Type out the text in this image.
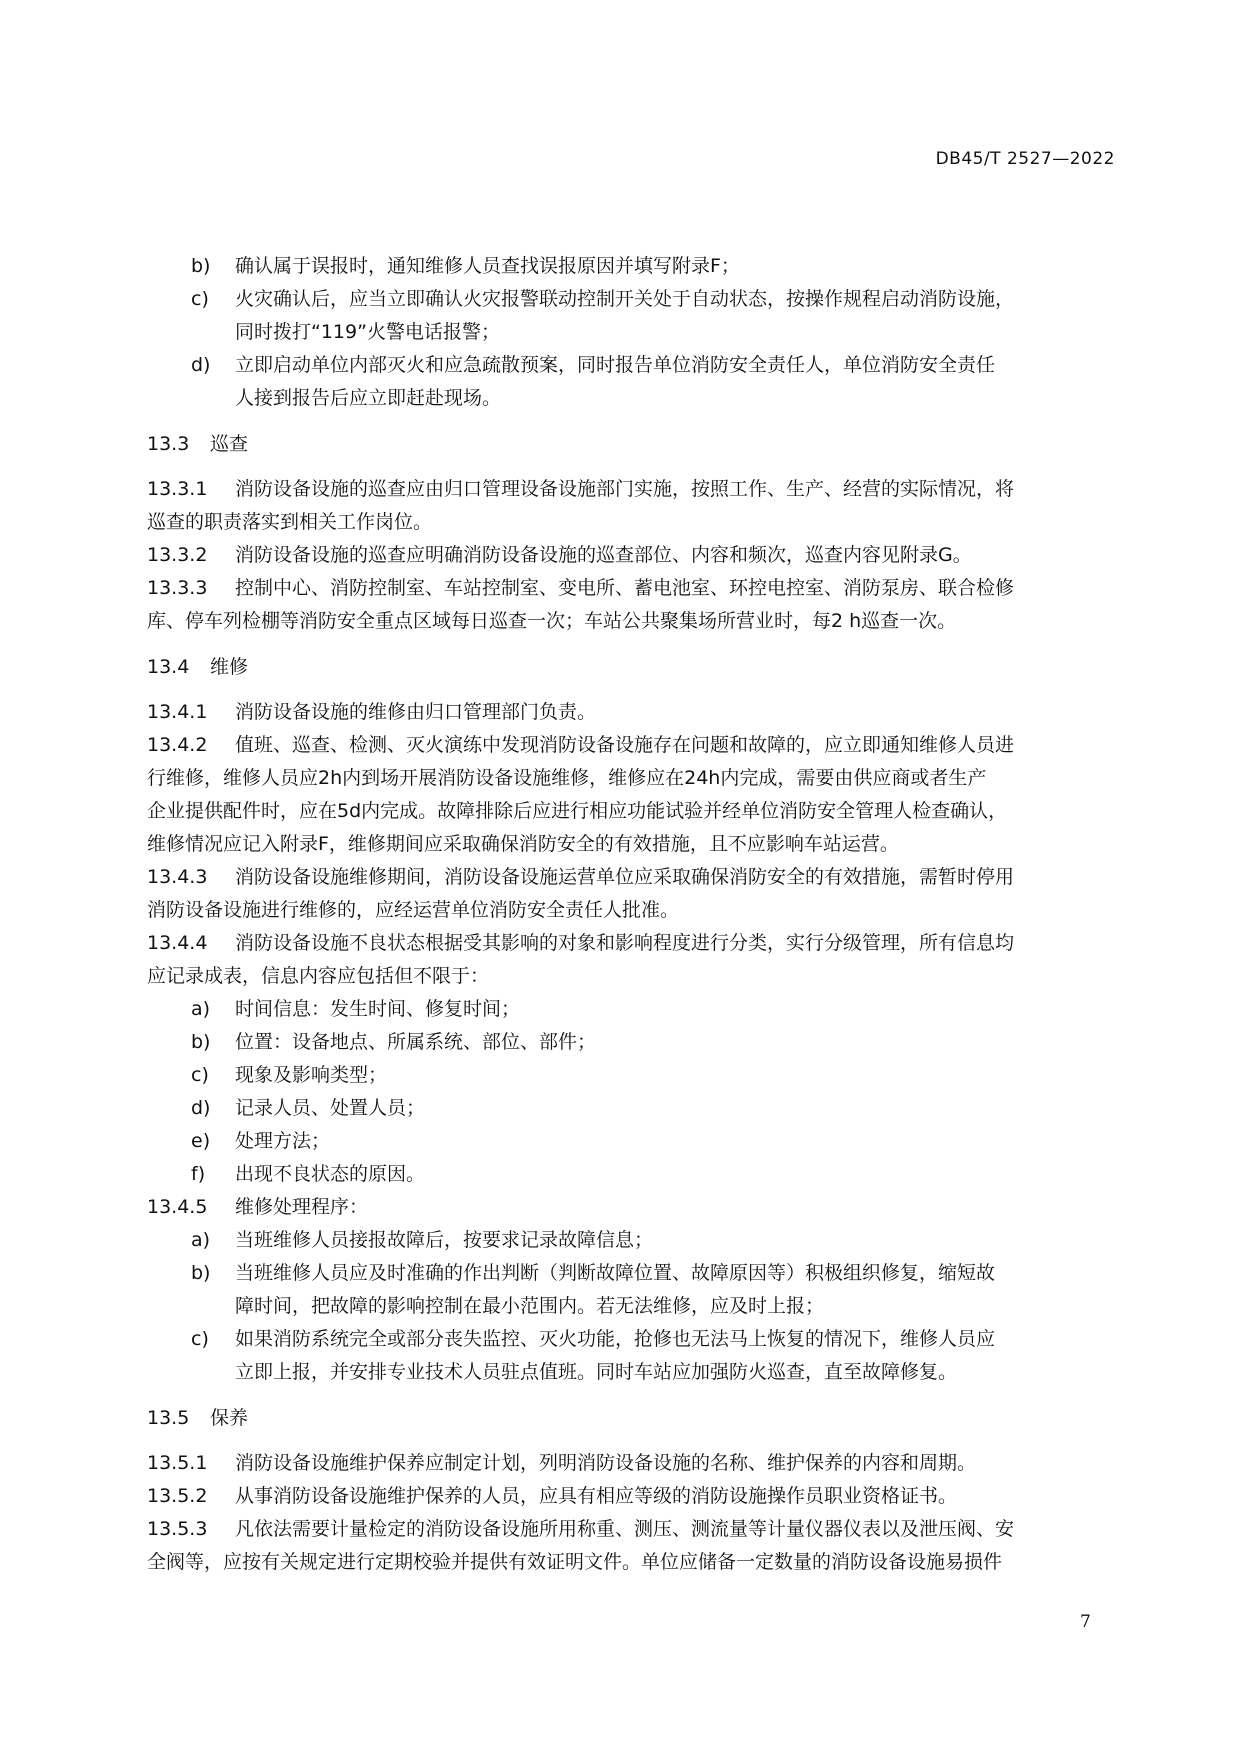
DB45/T 2527—2022
b) 确认属于误报时，通知维修人员查找误报原因并填写附录F；
c) 火灾确认后，应当立即确认火灾报警联动控制开关处于自动状态，按操作规程启动消防设施，
同时拨打“119”火警电话报警；
d) 立即启动单位内部灭火和应急疏散预案，同时报告单位消防安全责任人，单位消防安全责任
人接到报告后应立即赶赴现场。
13.3 巡查
13.3.1 消防设备设施的巡查应由归口管理设备设施部门实施，按照工作、生产、经营的实际情况，将
巡查的职责落实到相关工作岗位。
13.3.2 消防设备设施的巡查应明确消防设备设施的巡查部位、内容和频次，巡查内容见附录G。
13.3.3 控制中心、消防控制室、车站控制室、变电所、蓄电池室、环控电控室、消防泵房、联合检修
库、停车列检棚等消防安全重点区域每日巡查一次；车站公共聚集场所营业时，每2 h巡查一次。
13.4 维修
13.4.1 消防设备设施的维修由归口管理部门负责。
13.4.2 值班、巡查、检测、灭火演练中发现消防设备设施存在问题和故障的，应立即通知维修人员进
行维修，维修人员应2h内到场开展消防设备设施维修，维修应在24h内完成，需要由供应商或者生产
企业提供配件时，应在5d内完成。故障排除后应进行相应功能试验并经单位消防安全管理人检查确认，
维修情况应记入附录F，维修期间应采取确保消防安全的有效措施，且不应影响车站运营。
13.4.3 消防设备设施维修期间，消防设备设施运营单位应采取确保消防安全的有效措施，需暂时停用
消防设备设施进行维修的，应经运营单位消防安全责任人批准。
13.4.4 消防设备设施不良状态根据受其影响的对象和影响程度进行分类，实行分级管理，所有信息均
应记录成表，信息内容应包括但不限于：
a) 时间信息：发生时间、修复时间；
b) 位置：设备地点、所属系统、部位、部件；
c) 现象及影响类型；
d) 记录人员、处置人员；
e) 处理方法；
f) 出现不良状态的原因。
13.4.5 维修处理程序：
a) 当班维修人员接报故障后，按要求记录故障信息；
b) 当班维修人员应及时准确的作出判断（判断故障位置、故障原因等）积极组织修复，缩短故
障时间，把故障的影响控制在最小范围内。若无法维修，应及时上报；
c) 如果消防系统完全或部分丧失监控、灭火功能，抢修也无法马上恢复的情况下，维修人员应
立即上报，并安排专业技术人员驻点值班。同时车站应加强防火巡查，直至故障修复。
13.5 保养
13.5.1 消防设备设施维护保养应制定计划，列明消防设备设施的名称、维护保养的内容和周期。
13.5.2 从事消防设备设施维护保养的人员，应具有相应等级的消防设施操作员职业资格证书。
13.5.3 凡依法需要计量检定的消防设备设施所用称重、测压、测流量等计量仪器仪表以及泄压阀、安
全阀等，应按有关规定进行定期校验并提供有效证明文件。单位应储备一定数量的消防设备设施易损件
7
